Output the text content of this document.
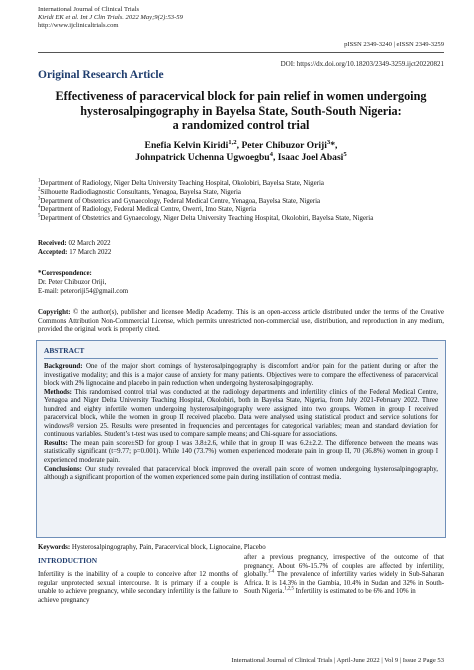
International Journal of Clinical Trials
Kiridi EK et al. Int J Clin Trials. 2022 May;9(2):53-59
http://www.ijclinicaltrials.com
pISSN 2349-3240 | eISSN 2349-3259
DOI: https://dx.doi.org/10.18203/2349-3259.ijct20220821
Original Research Article
Effectiveness of paracervical block for pain relief in women undergoing
hysterosalpingography in Bayelsa State, South-South Nigeria:
a randomized control trial
Enefia Kelvin Kiridi$^{1,2}$, Peter Chibuzor Oriji$^3$*,
Johnpatrick Uchenna Ugwoegbu$^4$, Isaac Joel Abasi$^5$
$^1$Department of Radiology, Niger Delta University Teaching Hospital, Okolobiri, Bayelsa State, Nigeria
$^2$Silhouette Radiodiagnostic Consultants, Yenagoa, Bayelsa State, Nigeria
$^3$Department of Obstetrics and Gynaecology, Federal Medical Centre, Yenagoa, Bayelsa State, Nigeria
$^4$Department of Radiology, Federal Medical Centre, Owerri, Imo State, Nigeria
$^5$Department of Obstetrics and Gynaecology, Niger Delta University Teaching Hospital, Okolobiri, Bayelsa State, Nigeria
Received: 02 March 2022
Accepted: 17 March 2022
*Correspondence:
Dr. Peter Chibuzor Oriji,
E-mail: peteroriji54@gmail.com
Copyright: © the author(s), publisher and licensee Medip Academy. This is an open-access article distributed under the terms of the Creative Commons Attribution Non-Commercial License, which permits unrestricted non-commercial use, distribution, and reproduction in any medium, provided the original work is properly cited.
ABSTRACT

Background: One of the major short comings of hysterosalpingography is discomfort and/or pain for the patient during or after the investigative modality; and this is a major cause of anxiety for many patients. Objectives were to compare the effectiveness of paracervical block with 2% lignocaine and placebo in pain reduction when undergoing hysterosalpingography.

Methods: This randomised control trial was conducted at the radiology departments and infertility clinics of the Federal Medical Centre, Yenagoa and Niger Delta University Teaching Hospital, Okolobiri, both in Bayelsa State, Nigeria, from July 2021-February 2022. Three hundred and eighty infertile women undergoing hysterosalpingography were assigned into two groups. Women in group I received paracervical block, while the women in group II received placebo. Data were analysed using statistical product and service solutions for windows® version 25. Results were presented in frequencies and percentages for categorical variables; mean and standard deviation for continuous variables. Student’s t-test was used to compare sample means; and Chi-square for associations.

Results: The mean pain score±SD for group I was 3.8±2.6, while that in group II was 6.2±2.2. The difference between the means was statistically significant (t=9.77; p=0.001). While 140 (73.7%) women experienced moderate pain in group II, 70 (36.8%) women in group I experienced moderate pain.

Conclusions: Our study revealed that paracervical block improved the overall pain score of women undergoing hysterosalpingography, although a significant proportion of the women experienced some pain during instillation of contrast media.

Keywords: Hysterosalpingography, Pain, Paracervical block, Lignocaine, Placebo
INTRODUCTION

Infertility is the inability of a couple to conceive after 12 months of regular unprotected sexual intercourse. It is primary if a couple is unable to achieve pregnancy, while secondary infertility is the failure to achieve pregnancy

after a previous pregnancy, irrespective of the outcome of that pregnancy. About 6%-15.7% of couples are affected by infertility, globally.$^{1-4}$ The prevalence of infertility varies widely in Sub-Saharan Africa. It is 14.3% in the Gambia, 10.4% in Sudan and 32% in South-South Nigeria.$^{1,2,5}$ Infertility is estimated to be 6% and 10% in

International Journal of Clinical Trials | April-June 2022 | Vol 9 | Issue 2 Page 53
